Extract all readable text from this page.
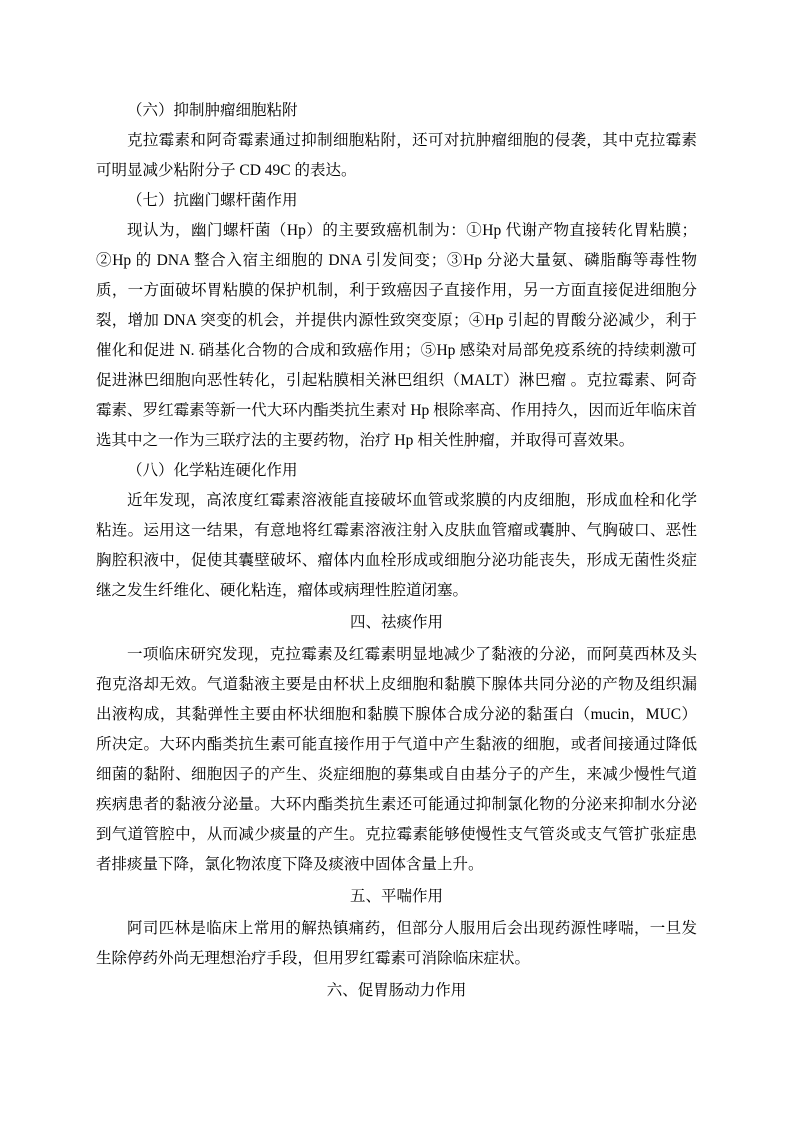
（六）抑制肿瘤细胞粘附
克拉霉素和阿奇霉素通过抑制细胞粘附，还可对抗肿瘤细胞的侵袭，其中克拉霉素可明显减少粘附分子 CD 49C 的表达。
（七）抗幽门螺杆菌作用
现认为，幽门螺杆菌（Hp）的主要致癌机制为：①Hp 代谢产物直接转化胃粘膜；②Hp 的 DNA 整合入宿主细胞的 DNA 引发间变；③Hp 分泌大量氨、磷脂酶等毒性物质，一方面破坏胃粘膜的保护机制，利于致癌因子直接作用，另一方面直接促进细胞分裂，增加 DNA 突变的机会，并提供内源性致突变原；④Hp 引起的胃酸分泌减少，利于催化和促进 N. 硝基化合物的合成和致癌作用；⑤Hp 感染对局部免疫系统的持续刺激可促进淋巴细胞向恶性转化，引起粘膜相关淋巴组织（MALT）淋巴瘤 。克拉霉素、阿奇霉素、罗红霉素等新一代大环内酯类抗生素对 Hp 根除率高、作用持久，因而近年临床首选其中之一作为三联疗法的主要药物，治疗 Hp 相关性肿瘤，并取得可喜效果。
（八）化学粘连硬化作用
近年发现，高浓度红霉素溶液能直接破坏血管或浆膜的内皮细胞，形成血栓和化学粘连。运用这一结果，有意地将红霉素溶液注射入皮肤血管瘤或囊肿、气胸破口、恶性胸腔积液中，促使其囊壁破坏、瘤体内血栓形成或细胞分泌功能丧失，形成无菌性炎症继之发生纤维化、硬化粘连，瘤体或病理性腔道闭塞。
四、祛痰作用
一项临床研究发现，克拉霉素及红霉素明显地减少了黏液的分泌，而阿莫西林及头孢克洛却无效。气道黏液主要是由杯状上皮细胞和黏膜下腺体共同分泌的产物及组织漏出液构成，其黏弹性主要由杯状细胞和黏膜下腺体合成分泌的黏蛋白（mucin，MUC）所决定。大环内酯类抗生素可能直接作用于气道中产生黏液的细胞，或者间接通过降低细菌的黏附、细胞因子的产生、炎症细胞的募集或自由基分子的产生，来减少慢性气道疾病患者的黏液分泌量。大环内酯类抗生素还可能通过抑制氯化物的分泌来抑制水分泌到气道管腔中，从而减少痰量的产生。克拉霉素能够使慢性支气管炎或支气管扩张症患者排痰量下降，氯化物浓度下降及痰液中固体含量上升。
五、平喘作用
阿司匹林是临床上常用的解热镇痛药，但部分人服用后会出现药源性哮喘，一旦发生除停药外尚无理想治疗手段，但用罗红霉素可消除临床症状。
六、促胃肠动力作用
